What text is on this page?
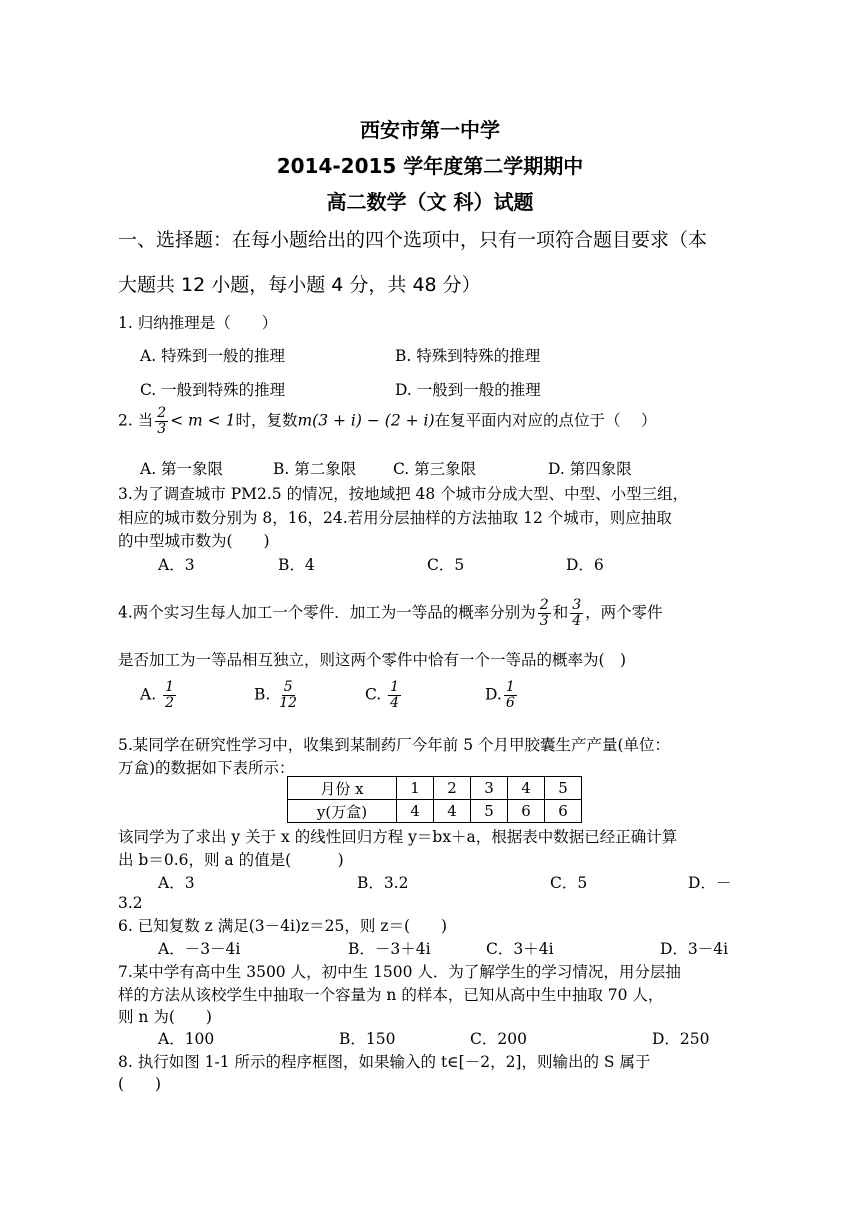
西安市第一中学
2014-2015 学年度第二学期期中
高二数学（文 科）试题
一、选择题：在每小题给出的四个选项中，只有一项符合题目要求（本
大题共 12 小题，每小题 4 分，共 48 分）
1. 归纳推理是（　　）
A. 特殊到一般的推理	B. 特殊到特殊的推理
C. 一般到特殊的推理	D. 一般到一般的推理
2. 当 $\frac{2}{3} < m < 1$时，复数m(3 + i) − (2 + i)在复平面内对应的点位于（　 ）
A. 第一象限	B. 第二象限 C. 第三象限	D. 第四象限
3.为了调查城市 PM2.5 的情况，按地域把 48 个城市分成大型、中型、小型三组，
相应的城市数分别为 8，16，24.若用分层抽样的方法抽取 12 个城市，则应抽取
的中型城市数为(　　)
A．3	B．4	C．5	D．6
4.两个实习生每人加工一个零件．加工为一等品的概率分别为 $\frac{2}{3}$ 和 $\frac{3}{4}$ ，两个零件
是否加工为一等品相互独立，则这两个零件中恰有一个一等品的概率为(　)
A. $\frac{1}{2}$	B. $\frac{5}{12}$	C. $\frac{1}{4}$	D. $\frac{1}{6}$
5.某同学在研究性学习中，收集到某制药厂今年前 5 个月甲胶囊生产产量(单位：
万盒)的数据如下表所示：
月份 x	1	2	3	4	5
y(万盒)	4	4	5	6	6
该同学为了求出 y 关于 x 的线性回归方程 y＝bx＋a，根据表中数据已经正确计算
出 b＝0.6，则 a 的值是(　　　)
A．3	B．3.2	C．5	D．－
3.2
6. 已知复数 z 满足(3－4i)z＝25，则 z＝(　　)
A．－3－4i	B．－3＋4i	C．3＋4i	D．3－4i
7.某中学有高中生 3500 人，初中生 1500 人．为了解学生的学习情况，用分层抽
样的方法从该校学生中抽取一个容量为 n 的样本，已知从高中生中抽取 70 人，
则 n 为(　　)
A．100	B．150	C．200	D．250
8. 执行如图 1-1 所示的程序框图，如果输入的 t∈[－2，2]，则输出的 S 属于
(　　)
